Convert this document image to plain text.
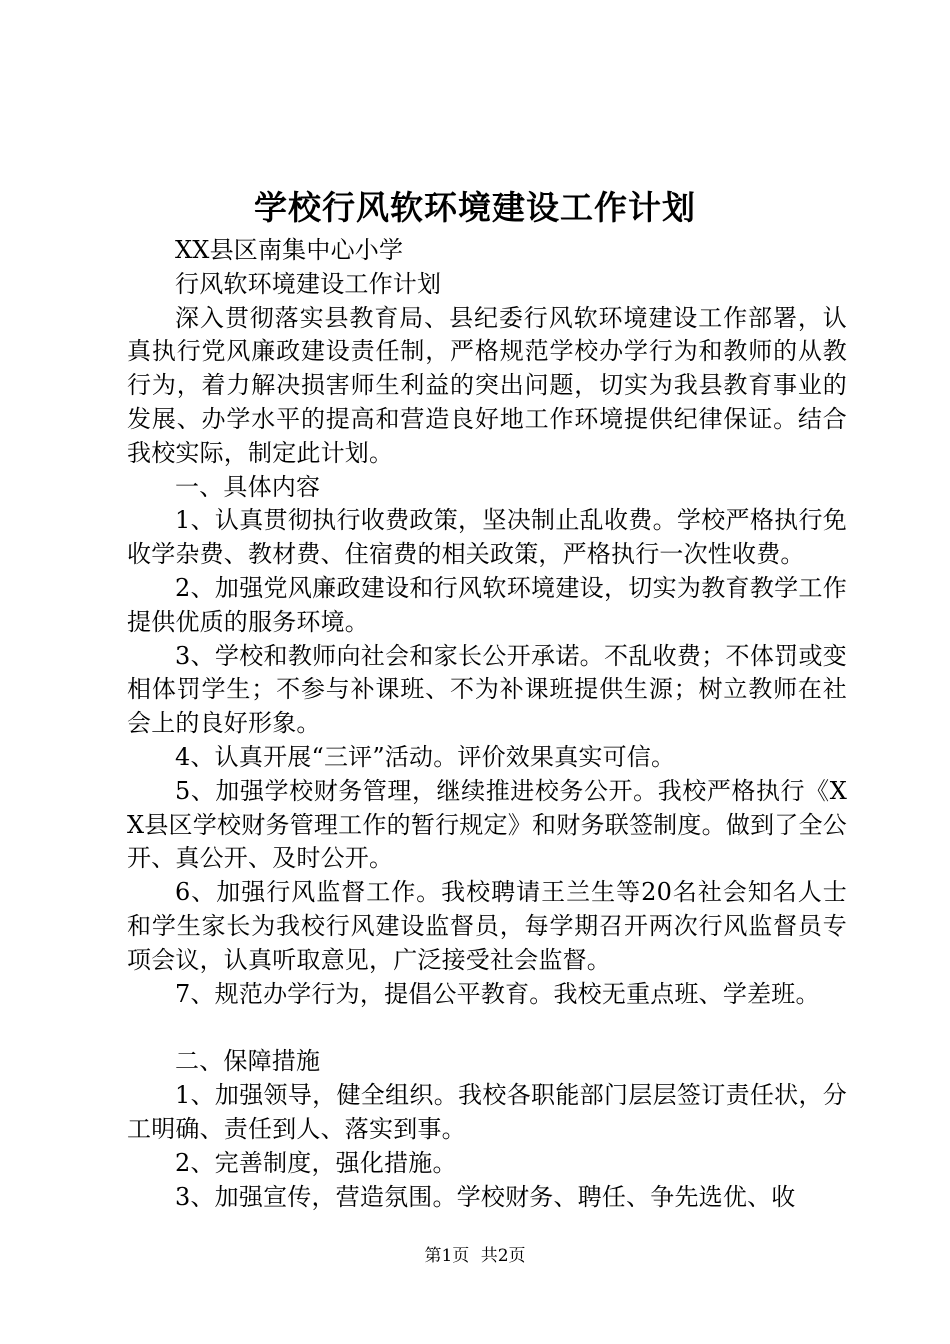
学校行风软环境建设工作计划

XX县区南集中心小学

行风软环境建设工作计划

深入贯彻落实县教育局、县纪委行风软环境建设工作部署，认真执行党风廉政建设责任制，严格规范学校办学行为和教师的从教行为，着力解决损害师生利益的突出问题，切实为我县教育事业的发展、办学水平的提高和营造良好地工作环境提供纪律保证。结合我校实际，制定此计划。

一、具体内容

1、认真贯彻执行收费政策，坚决制止乱收费。学校严格执行免收学杂费、教材费、住宿费的相关政策，严格执行一次性收费。

2、加强党风廉政建设和行风软环境建设，切实为教育教学工作提供优质的服务环境。

3、学校和教师向社会和家长公开承诺。不乱收费；不体罚或变相体罚学生；不参与补课班、不为补课班提供生源；树立教师在社会上的良好形象。

4、认真开展“三评”活动。评价效果真实可信。

5、加强学校财务管理，继续推进校务公开。我校严格执行《XX县区学校财务管理工作的暂行规定》和财务联签制度。做到了全公开、真公开、及时公开。

6、加强行风监督工作。我校聘请王兰生等20名社会知名人士和学生家长为我校行风建设监督员，每学期召开两次行风监督员专项会议，认真听取意见，广泛接受社会监督。

7、规范办学行为，提倡公平教育。我校无重点班、学差班。

二、保障措施

1、加强领导，健全组织。我校各职能部门层层签订责任状，分工明确、责任到人、落实到事。

2、完善制度，强化措施。

3、加强宣传，营造氛围。学校财务、聘任、争先选优、收

第1页 共2页
